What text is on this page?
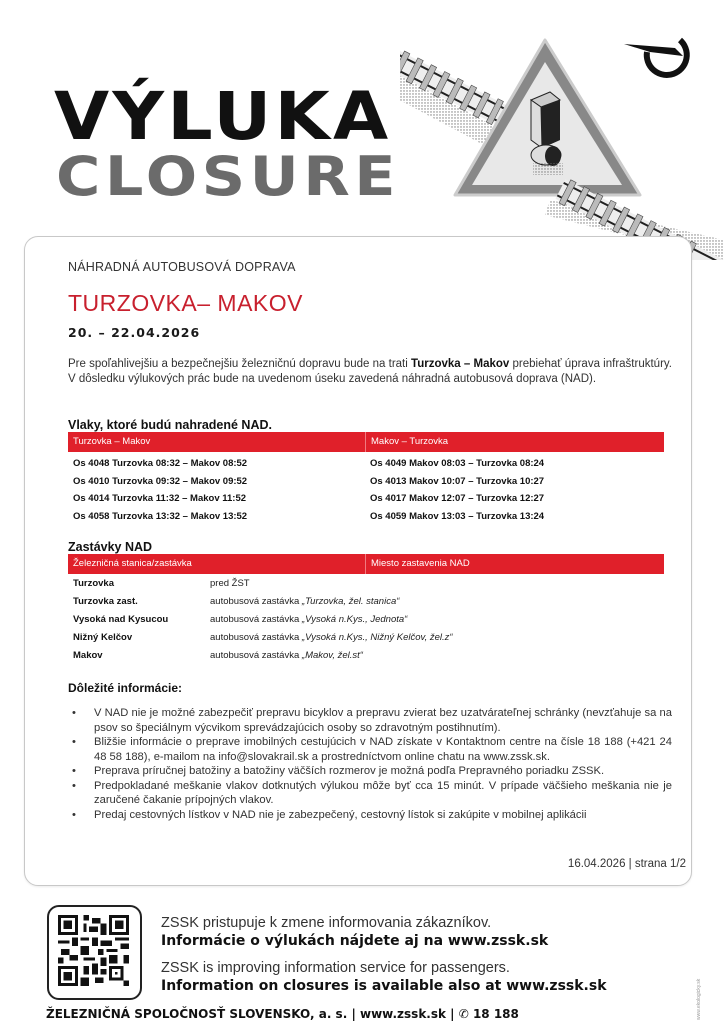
VÝLUKA
CLOSURE
NÁHRADNÁ AUTOBUSOVÁ DOPRAVA
TURZOVKA– MAKOV
20. – 22.04.2026
Pre spoľahlivejšiu a bezpečnejšiu železničnú dopravu bude na trati Turzovka – Makov prebiehať úprava infraštruktúry. V dôsledku výlukových prác bude na uvedenom úseku zavedená náhradná autobusová doprava (NAD).
Vlaky, ktoré budú nahradené NAD.
Turzovka – Makov	Makov – Turzovka
Os 4048 Turzovka 08:32 – Makov 08:52	Os 4049 Makov 08:03 – Turzovka 08:24
Os 4010 Turzovka 09:32 – Makov 09:52	Os 4013 Makov 10:07 – Turzovka 10:27
Os 4014 Turzovka 11:32 – Makov 11:52	Os 4017 Makov 12:07 – Turzovka 12:27
Os 4058 Turzovka 13:32 – Makov 13:52	Os 4059 Makov 13:03 – Turzovka 13:24
Zastávky NAD
Železničná stanica/zastávka	Miesto zastavenia NAD
Turzovka	pred ŽST
Turzovka zast.	autobusová zastávka „Turzovka, žel. stanica“
Vysoká nad Kysucou	autobusová zastávka „Vysoká n.Kys., Jednota“
Nižný Kelčov	autobusová zastávka „Vysoká n.Kys., Nižný Kelčov, žel.z“
Makov	autobusová zastávka „Makov, žel.st“
Dôležité informácie:
• V NAD nie je možné zabezpečiť prepravu bicyklov a prepravu zvierat bez uzatvárateľnej schránky (nevzťahuje sa na psov so špeciálnym výcvikom sprevádzajúcich osoby so zdravotným postihnutím).
• Bližšie informácie o preprave imobilných cestujúcich v NAD získate v Kontaktnom centre na čísle 18 188 (+421 24 48 58 188), e-mailom na info@slovakrail.sk a prostredníctvom online chatu na www.zssk.sk.
• Preprava príručnej batožiny a batožiny väčších rozmerov je možná podľa Prepravného poriadku ZSSK.
• Predpokladané meškanie vlakov dotknutých výlukou môže byť cca 15 minút. V prípade väčšieho meškania nie je zaručené čakanie prípojných vlakov.
• Predaj cestovných lístkov v NAD nie je zabezpečený, cestovný lístok si zakúpite v mobilnej aplikácii
16.04.2026 | strana 1/2
ZSSK pristupuje k zmene informovania zákazníkov.
Informácie o výlukách nájdete aj na www.zssk.sk
ZSSK is improving information service for passengers.
Information on closures is available also at www.zssk.sk
ŽELEZNIČNÁ SPOLOČNOSŤ SLOVENSKO, a. s. | www.zssk.sk | ✆ 18 188	www.ekologicky.sk
